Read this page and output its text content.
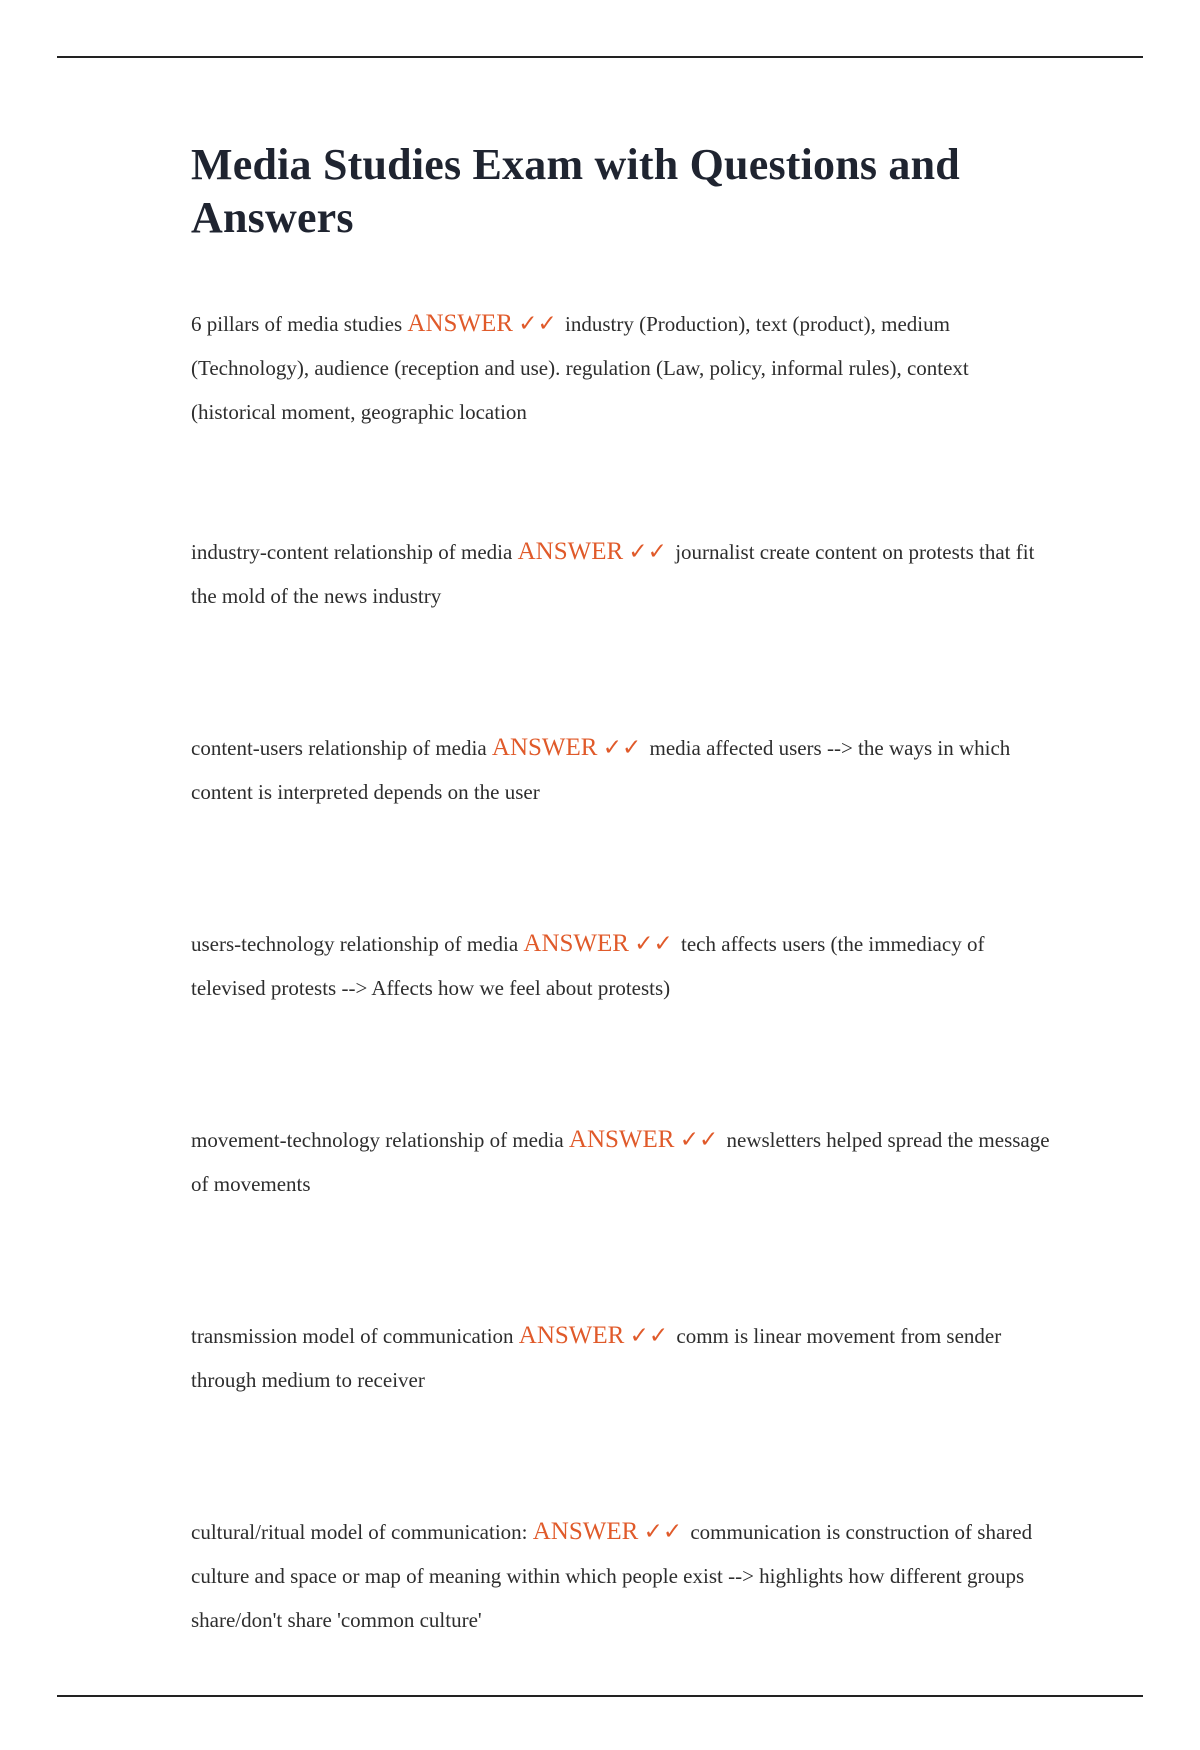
Media Studies Exam with Questions and Answers

6 pillars of media studies ANSWER ✓✓ industry (Production), text (product), medium (Technology), audience (reception and use). regulation (Law, policy, informal rules), context (historical moment, geographic location

industry-content relationship of media ANSWER ✓✓ journalist create content on protests that fit the mold of the news industry

content-users relationship of media ANSWER ✓✓ media affected users --> the ways in which content is interpreted depends on the user

users-technology relationship of media ANSWER ✓✓ tech affects users (the immediacy of televised protests --> Affects how we feel about protests)

movement-technology relationship of media ANSWER ✓✓ newsletters helped spread the message of movements

transmission model of communication ANSWER ✓✓ comm is linear movement from sender through medium to receiver

cultural/ritual model of communication: ANSWER ✓✓ communication is construction of shared culture and space or map of meaning within which people exist --> highlights how different groups share/don't share 'common culture'
